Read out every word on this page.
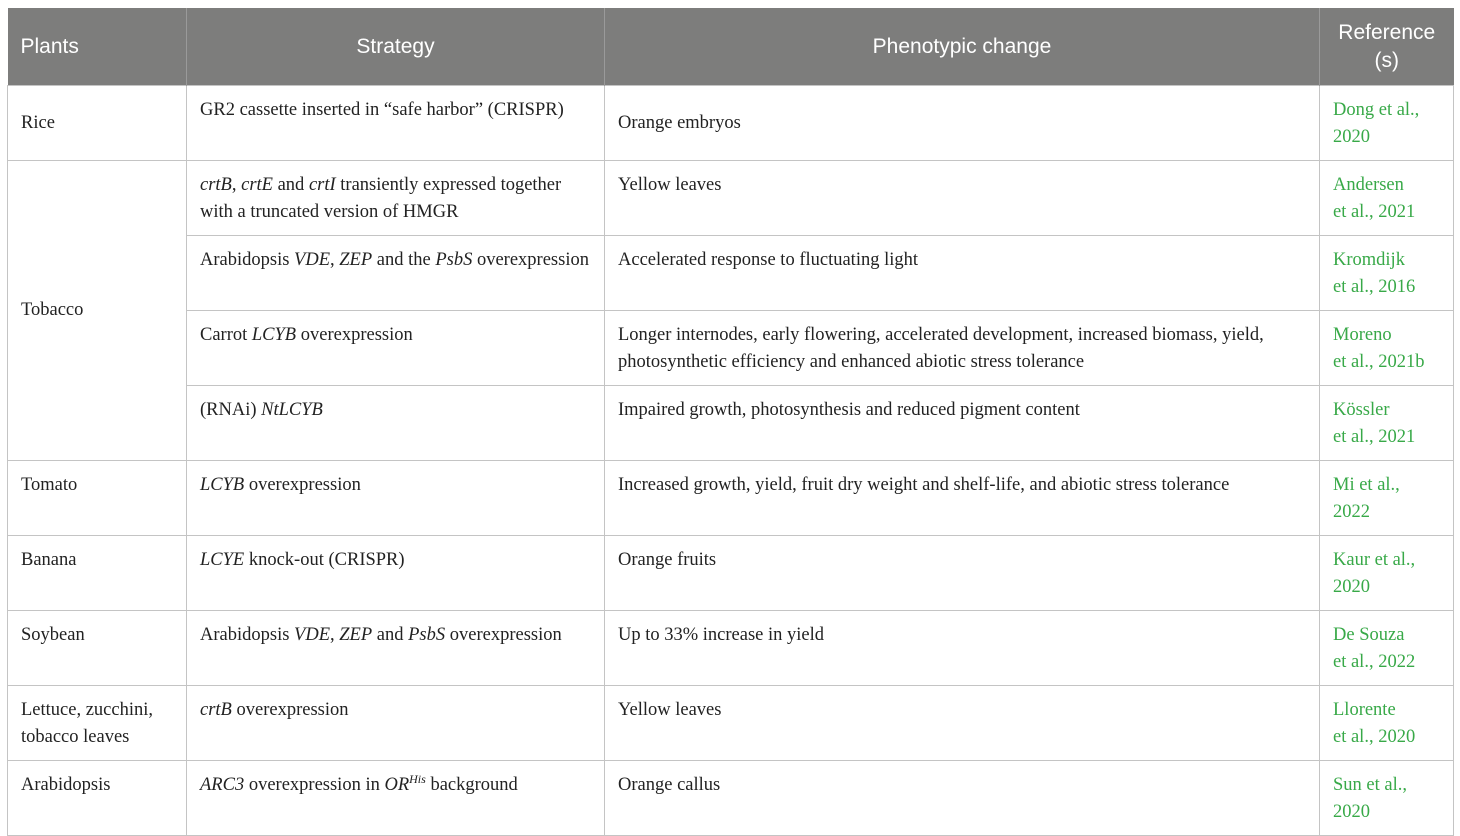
Plants	Strategy	Phenotypic change	Reference
(s)
Rice	GR2 cassette inserted in “safe harbor” (CRISPR)	Orange embryos	Dong et al.,
2020
Tobacco	crtB, crtE and crtI transiently expressed together with a truncated version of HMGR	Yellow leaves	Andersen
et al., 2021
	Arabidopsis VDE, ZEP and the PsbS overexpression	Accelerated response to fluctuating light	Kromdijk
et al., 2016
	Carrot LCYB overexpression	Longer internodes, early flowering, accelerated development, increased biomass, yield, photosynthetic efficiency and enhanced abiotic stress tolerance	Moreno
et al., 2021b
	(RNAi) NtLCYB	Impaired growth, photosynthesis and reduced pigment content	Kössler
et al., 2021
Tomato	LCYB overexpression	Increased growth, yield, fruit dry weight and shelf-life, and abiotic stress tolerance	Mi et al.,
2022
Banana	LCYE knock-out (CRISPR)	Orange fruits	Kaur et al.,
2020
Soybean	Arabidopsis VDE, ZEP and PsbS overexpression	Up to 33% increase in yield	De Souza
et al., 2022
Lettuce, zucchini, tobacco leaves	crtB overexpression	Yellow leaves	Llorente
et al., 2020
Arabidopsis	ARC3 overexpression in $OR^{His}$ background	Orange callus	Sun et al.,
2020
